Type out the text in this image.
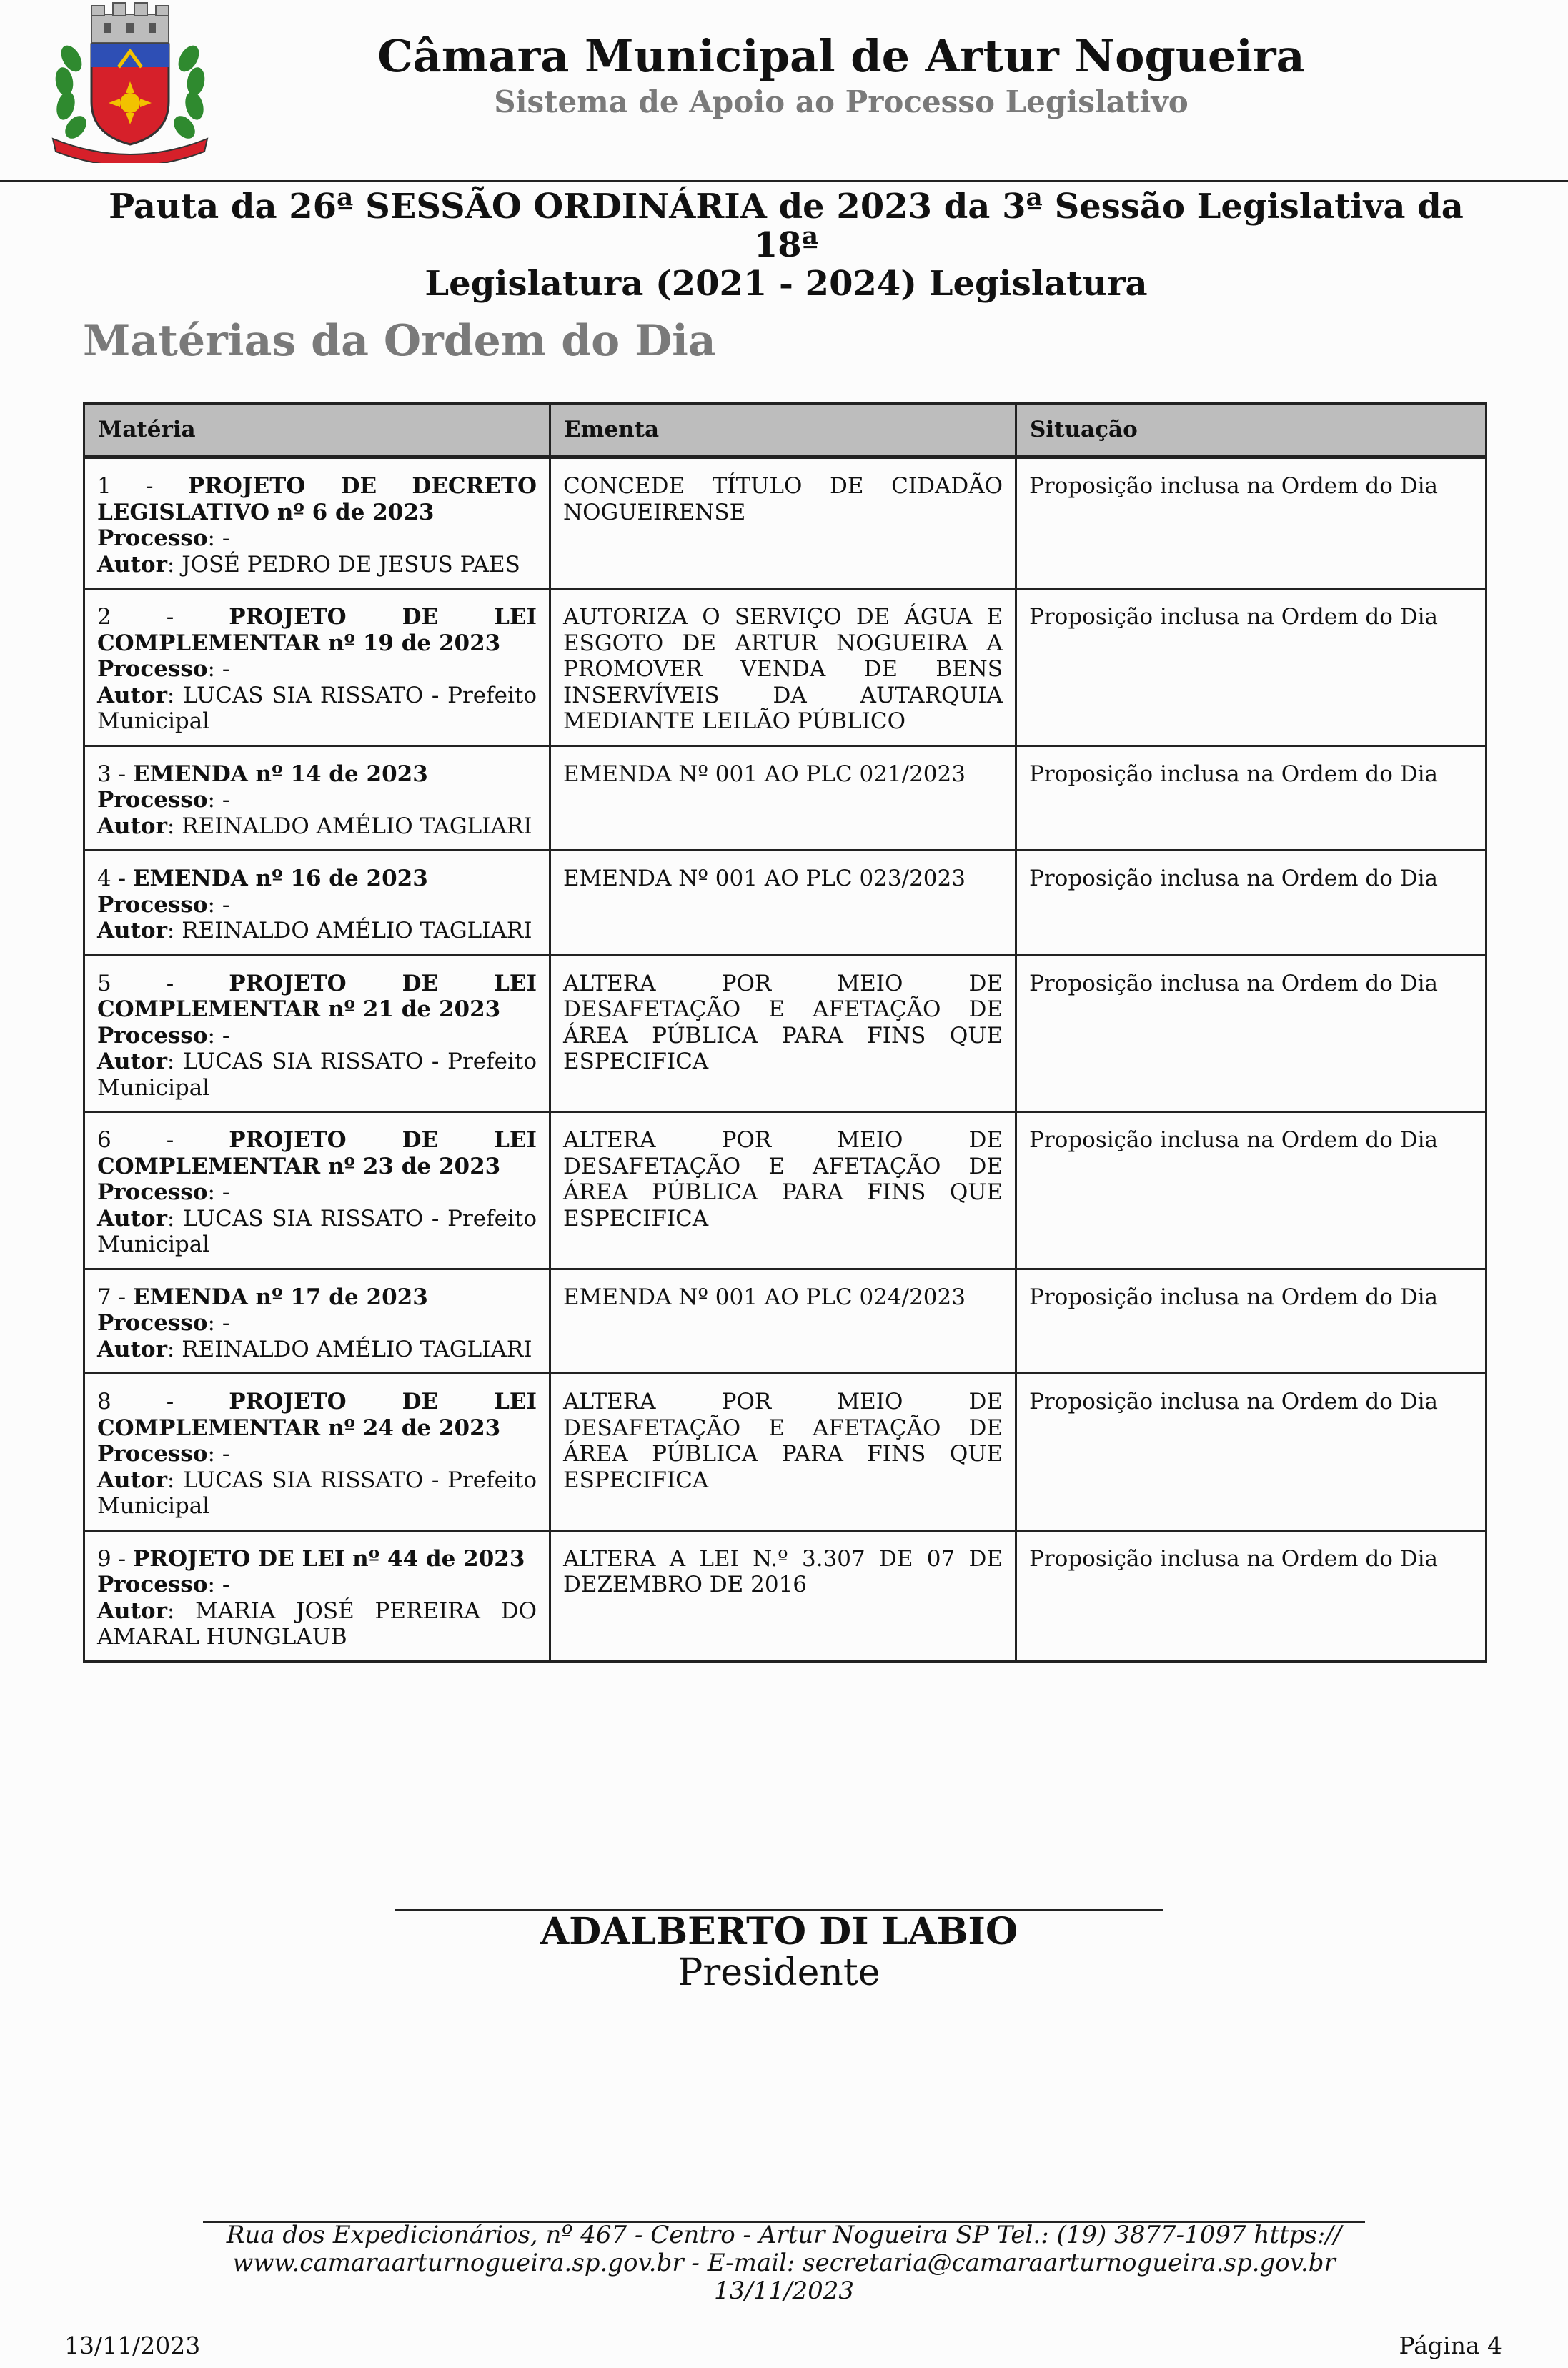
Câmara Municipal de Artur Nogueira
Sistema de Apoio ao Processo Legislativo
Pauta da 26ª SESSÃO ORDINÁRIA de 2023 da 3ª Sessão Legislativa da 18ª
Legislatura (2021 - 2024) Legislatura
Matérias da Ordem do Dia
Matéria	Ementa	Situação
1 - PROJETO DE DECRETO LEGISLATIVO nº 6 de 2023
Processo: -
Autor: JOSÉ PEDRO DE JESUS PAES	CONCEDE TÍTULO DE CIDADÃO NOGUEIRENSE	Proposição inclusa na Ordem do Dia
2 - PROJETO DE LEI COMPLEMENTAR nº 19 de 2023
Processo: -
Autor: LUCAS SIA RISSATO - Prefeito Municipal	AUTORIZA O SERVIÇO DE ÁGUA E ESGOTO DE ARTUR NOGUEIRA A PROMOVER VENDA DE BENS INSERVÍVEIS DA AUTARQUIA MEDIANTE LEILÃO PÚBLICO	Proposição inclusa na Ordem do Dia
3 - EMENDA nº 14 de 2023
Processo: -
Autor: REINALDO AMÉLIO TAGLIARI	EMENDA Nº 001 AO PLC 021/2023	Proposição inclusa na Ordem do Dia
4 - EMENDA nº 16 de 2023
Processo: -
Autor: REINALDO AMÉLIO TAGLIARI	EMENDA Nº 001 AO PLC 023/2023	Proposição inclusa na Ordem do Dia
5 - PROJETO DE LEI COMPLEMENTAR nº 21 de 2023
Processo: -
Autor: LUCAS SIA RISSATO - Prefeito Municipal	ALTERA POR MEIO DE DESAFETAÇÃO E AFETAÇÃO DE ÁREA PÚBLICA PARA FINS QUE ESPECIFICA	Proposição inclusa na Ordem do Dia
6 - PROJETO DE LEI COMPLEMENTAR nº 23 de 2023
Processo: -
Autor: LUCAS SIA RISSATO - Prefeito Municipal	ALTERA POR MEIO DE DESAFETAÇÃO E AFETAÇÃO DE ÁREA PÚBLICA PARA FINS QUE ESPECIFICA	Proposição inclusa na Ordem do Dia
7 - EMENDA nº 17 de 2023
Processo: -
Autor: REINALDO AMÉLIO TAGLIARI	EMENDA Nº 001 AO PLC 024/2023	Proposição inclusa na Ordem do Dia
8 - PROJETO DE LEI COMPLEMENTAR nº 24 de 2023
Processo: -
Autor: LUCAS SIA RISSATO - Prefeito Municipal	ALTERA POR MEIO DE DESAFETAÇÃO E AFETAÇÃO DE ÁREA PÚBLICA PARA FINS QUE ESPECIFICA	Proposição inclusa na Ordem do Dia
9 - PROJETO DE LEI nº 44 de 2023
Processo: -
Autor: MARIA JOSÉ PEREIRA DO AMARAL HUNGLAUB	ALTERA A LEI N.º 3.307 DE 07 DE DEZEMBRO DE 2016	Proposição inclusa na Ordem do Dia
ADALBERTO DI LABIO
Presidente
Rua dos Expedicionários, nº 467 - Centro - Artur Nogueira SP Tel.: (19) 3877-1097 https://
www.camaraarturnogueira.sp.gov.br - E-mail: secretaria@camaraarturnogueira.sp.gov.br
13/11/2023
13/11/2023	Página 4
